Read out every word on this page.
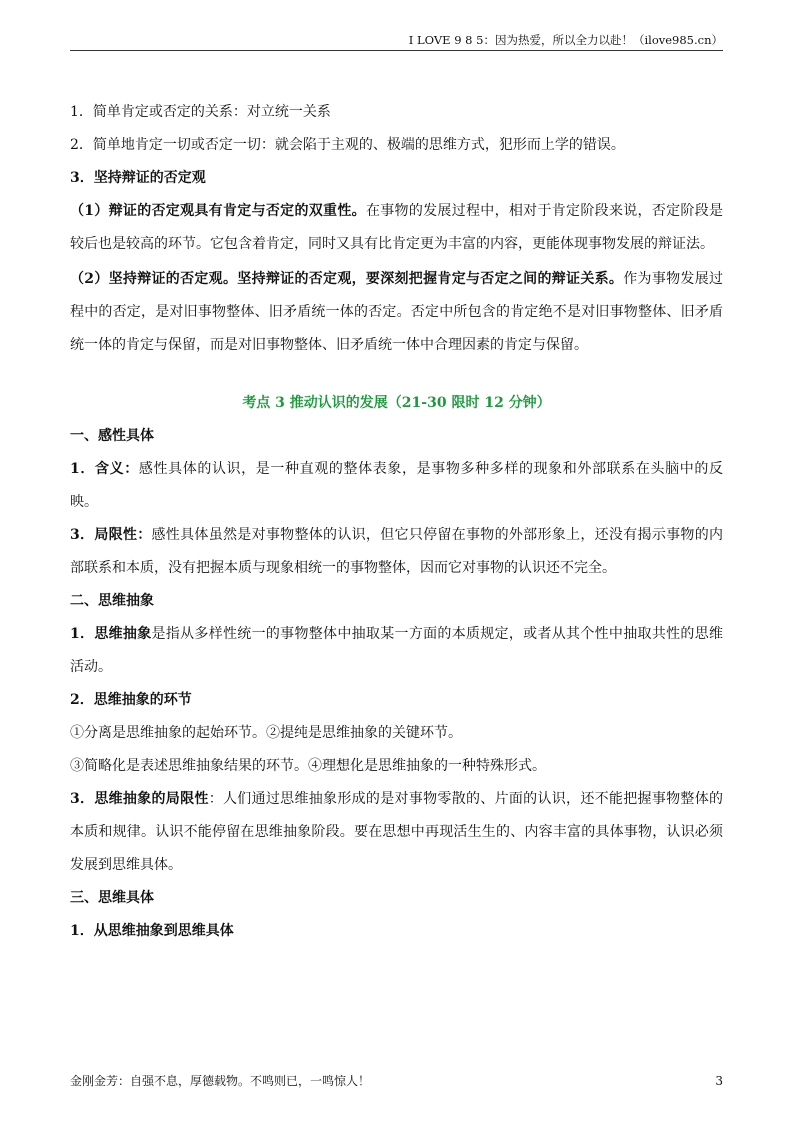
I LOVE 9 8 5：因为热爱，所以全力以赴！（ilove985.cn）
1．简单肯定或否定的关系：对立统一关系
2．简单地肯定一切或否定一切：就会陷于主观的、极端的思维方式，犯形而上学的错误。
3．坚持辩证的否定观
（1）辩证的否定观具有肯定与否定的双重性。在事物的发展过程中，相对于肯定阶段来说，否定阶段是较后也是较高的环节。它包含着肯定，同时又具有比肯定更为丰富的内容，更能体现事物发展的辩证法。
（2）坚持辩证的否定观。坚持辩证的否定观，要深刻把握肯定与否定之间的辩证关系。作为事物发展过程中的否定，是对旧事物整体、旧矛盾统一体的否定。否定中所包含的肯定绝不是对旧事物整体、旧矛盾统一体的肯定与保留，而是对旧事物整体、旧矛盾统一体中合理因素的肯定与保留。
考点 3 推动认识的发展（21-30 限时 12 分钟）
一、感性具体
1．含义：感性具体的认识，是一种直观的整体表象，是事物多种多样的现象和外部联系在头脑中的反映。
3．局限性：感性具体虽然是对事物整体的认识，但它只停留在事物的外部形象上，还没有揭示事物的内部联系和本质，没有把握本质与现象相统一的事物整体，因而它对事物的认识还不完全。
二、思维抽象
1．思维抽象是指从多样性统一的事物整体中抽取某一方面的本质规定，或者从其个性中抽取共性的思维活动。
2．思维抽象的环节
①分离是思维抽象的起始环节。②提纯是思维抽象的关键环节。
③简略化是表述思维抽象结果的环节。④理想化是思维抽象的一种特殊形式。
3．思维抽象的局限性：人们通过思维抽象形成的是对事物零散的、片面的认识，还不能把握事物整体的本质和规律。认识不能停留在思维抽象阶段。要在思想中再现活生生的、内容丰富的具体事物，认识必须发展到思维具体。
三、思维具体
1．从思维抽象到思维具体
金刚金芳：自强不息，厚德载物。不鸣则已，一鸣惊人！	3
